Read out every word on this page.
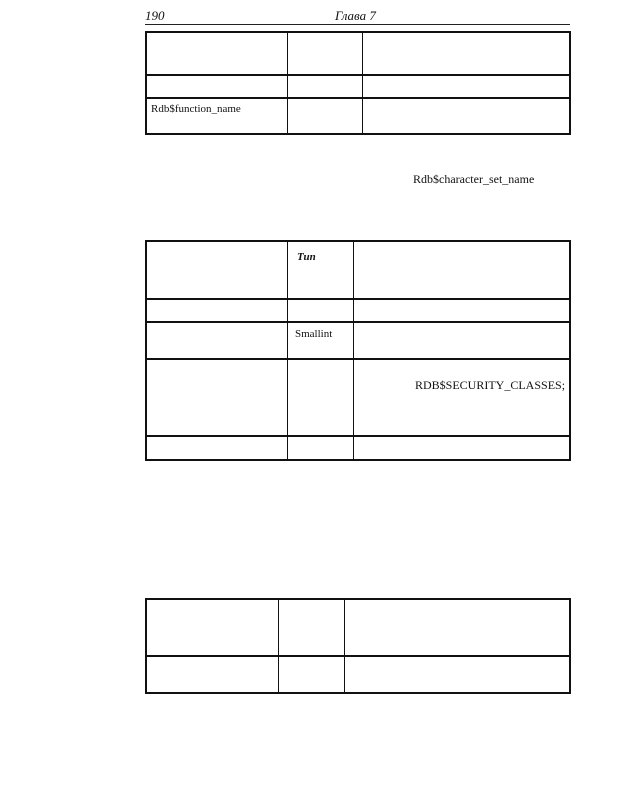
190	Глава 7
Rdb$function_name
Rdb$character_set_name
Тип
Smallint
RDB$SECURITY_CLASSES;
